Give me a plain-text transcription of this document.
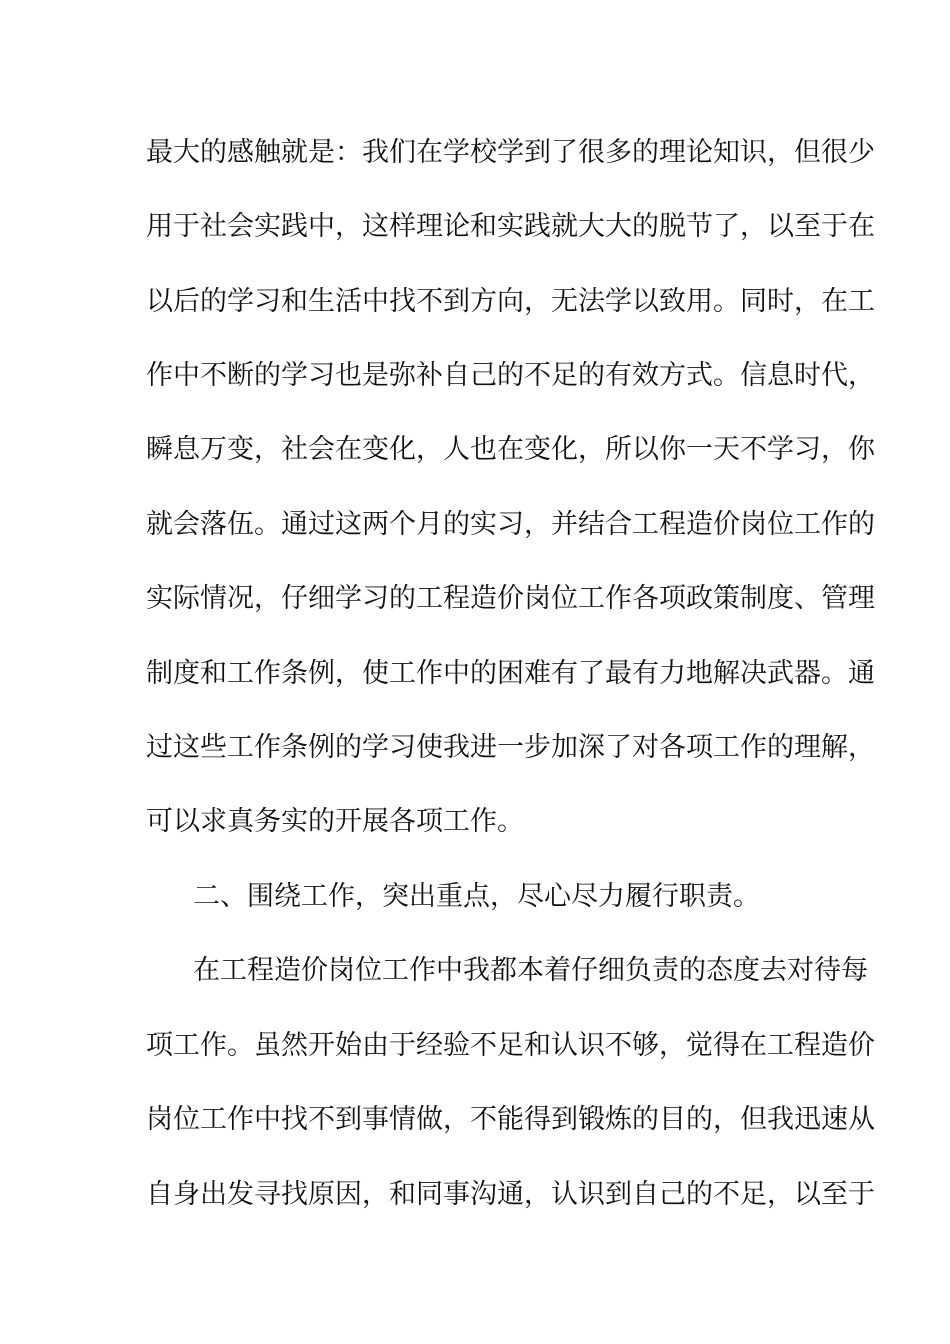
最大的感触就是：我们在学校学到了很多的理论知识，但很少
用于社会实践中，这样理论和实践就大大的脱节了，以至于在
以后的学习和生活中找不到方向，无法学以致用。同时，在工
作中不断的学习也是弥补自己的不足的有效方式。信息时代，
瞬息万变，社会在变化，人也在变化，所以你一天不学习，你
就会落伍。通过这两个月的实习，并结合工程造价岗位工作的
实际情况，仔细学习的工程造价岗位工作各项政策制度、管理
制度和工作条例，使工作中的困难有了最有力地解决武器。通
过这些工作条例的学习使我进一步加深了对各项工作的理解，
可以求真务实的开展各项工作。
二、围绕工作，突出重点，尽心尽力履行职责。
在工程造价岗位工作中我都本着仔细负责的态度去对待每
项工作。虽然开始由于经验不足和认识不够，觉得在工程造价
岗位工作中找不到事情做，不能得到锻炼的目的，但我迅速从
自身出发寻找原因，和同事沟通，认识到自己的不足，以至于
